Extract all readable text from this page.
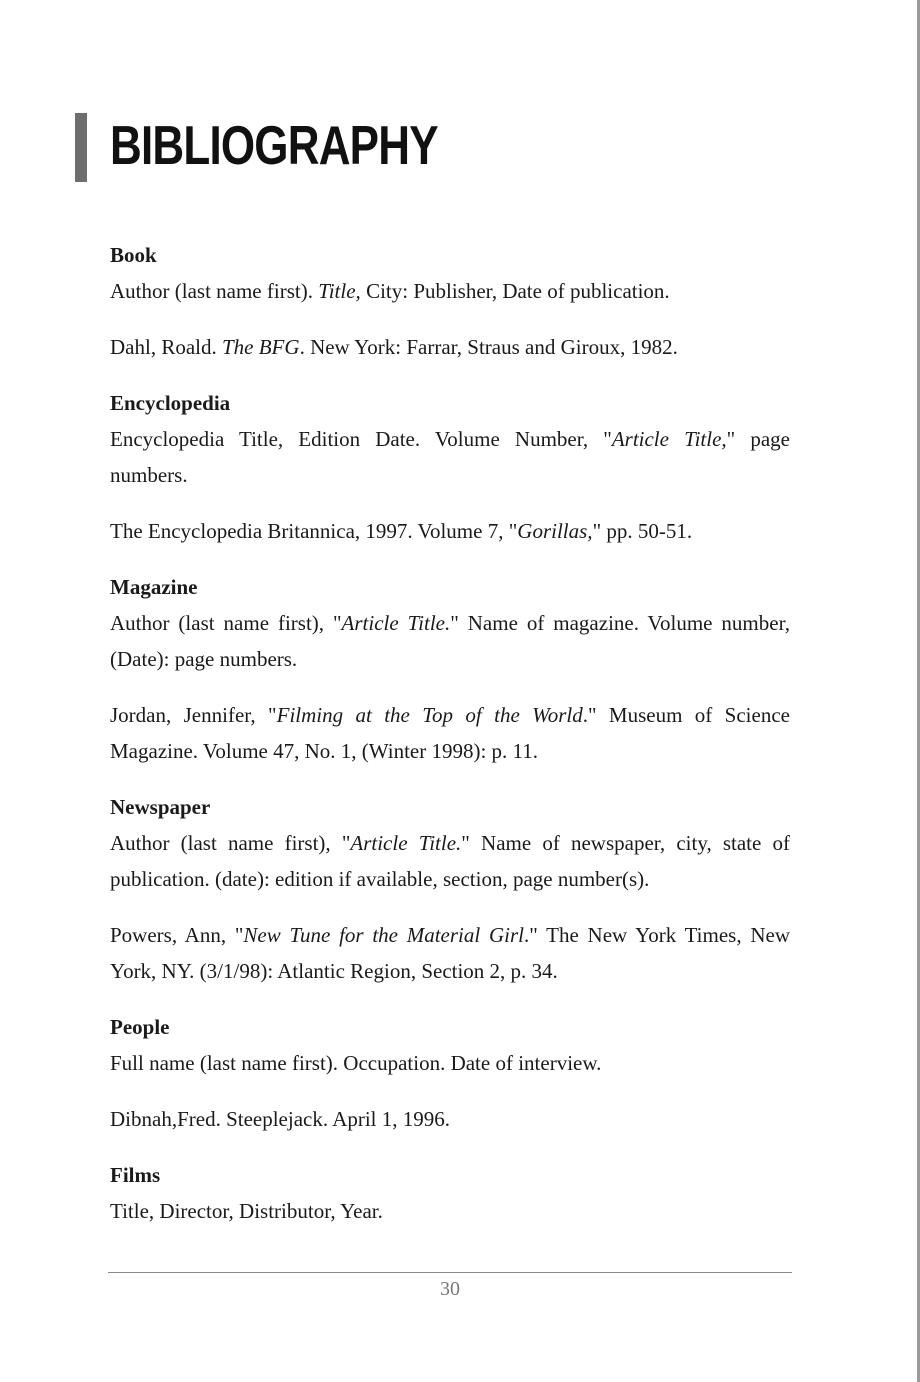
BIBLIOGRAPHY

Book

Author (last name first). Title, City: Publisher, Date of publication.

Dahl, Roald. The BFG. New York: Farrar, Straus and Giroux, 1982.

Encyclopedia

Encyclopedia Title, Edition Date. Volume Number, "Article Title," page numbers.

The Encyclopedia Britannica, 1997. Volume 7, "Gorillas," pp. 50-51.

Magazine

Author (last name first), "Article Title." Name of magazine. Volume number, (Date): page numbers.

Jordan, Jennifer, "Filming at the Top of the World." Museum of Science Magazine. Volume 47, No. 1, (Winter 1998): p. 11.

Newspaper

Author (last name first), "Article Title." Name of newspaper, city, state of publication. (date): edition if available, section, page number(s).

Powers, Ann, "New Tune for the Material Girl." The New York Times, New York, NY. (3/1/98): Atlantic Region, Section 2, p. 34.

People

Full name (last name first). Occupation. Date of interview.

Dibnah,Fred. Steeplejack. April 1, 1996.

Films

Title, Director, Distributor, Year.

30
